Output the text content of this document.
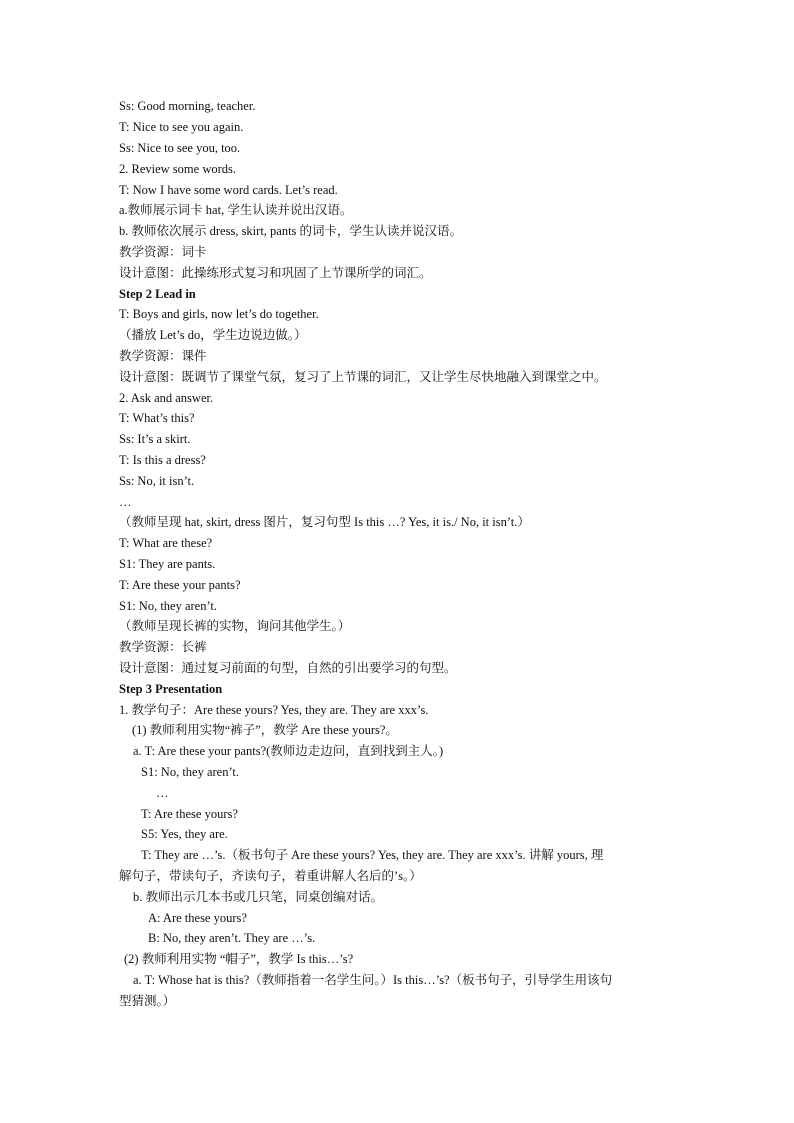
Ss: Good morning, teacher.
T: Nice to see you again.
Ss: Nice to see you, too.
2. Review some words.
T: Now I have some word cards. Let’s read.
a.教师展示词卡 hat, 学生认读并说出汉语。
b. 教师依次展示 dress, skirt, pants 的词卡，学生认读并说汉语。
教学资源：词卡
设计意图：此操练形式复习和巩固了上节课所学的词汇。
Step 2 Lead in
T: Boys and girls, now let’s do together.
（播放 Let’s do，学生边说边做。）
教学资源：课件
设计意图：既调节了课堂气氛，复习了上节课的词汇，又让学生尽快地融入到课堂之中。
2. Ask and answer.
T: What’s this?
Ss: It’s a skirt.
T: Is this a dress?
Ss: No, it isn’t.
…
（教师呈现 hat, skirt, dress 图片，复习句型 Is this …? Yes, it is./ No, it isn’t.）
T: What are these?
S1: They are pants.
T: Are these your pants?
S1: No, they aren’t.
（教师呈现长裤的实物，询问其他学生。）
教学资源：长裤
设计意图：通过复习前面的句型，自然的引出要学习的句型。
Step 3 Presentation
1. 教学句子：Are these yours? Yes, they are. They are xxx’s.
(1) 教师利用实物“裤子”，教学 Are these yours?。
a. T: Are these your pants?(教师边走边问，直到找到主人。)
S1: No, they aren’t.
…
T: Are these yours?
S5: Yes, they are.
T: They are …’s.（板书句子 Are these yours? Yes, they are. They are xxx’s. 讲解 yours, 理
解句子，带读句子，齐读句子，着重讲解人名后的’s。）
b. 教师出示几本书或几只笔，同桌创编对话。
A: Are these yours?
B: No, they aren’t. They are …’s.
(2) 教师利用实物 “帽子”，教学 Is this…’s?
a. T: Whose hat is this?（教师指着一名学生问。）Is this…’s?（板书句子，引导学生用该句
型猜测。）
